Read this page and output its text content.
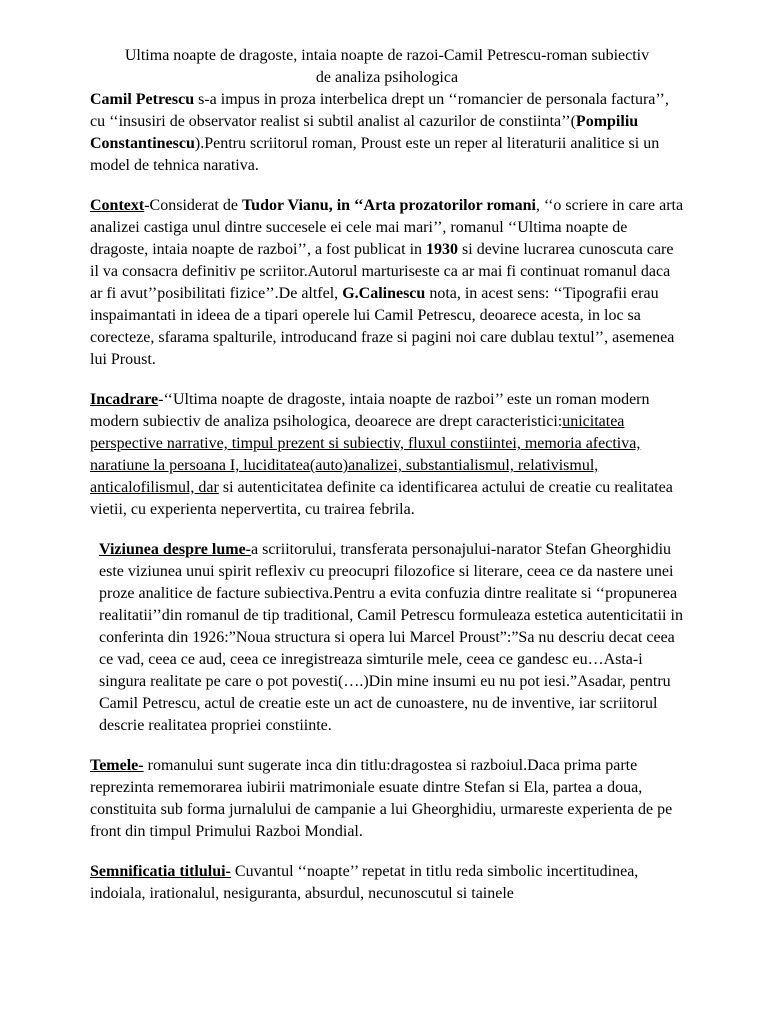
Ultima noapte de dragoste, intaia noapte de razoi-Camil Petrescu-roman subiectiv
de analiza psihologica

Camil Petrescu s-a impus in proza interbelica drept un ‘‘romancier de personala factura’’, cu ‘‘insusiri de observator realist si subtil analist al cazurilor de constiinta’’(Pompiliu Constantinescu).Pentru scriitorul roman, Proust este un reper al literaturii analitice si un model de tehnica narativa.

Context-Considerat de Tudor Vianu, in ‘‘Arta prozatorilor romani, ‘‘o scriere in care arta analizei castiga unul dintre succesele ei cele mai mari’’, romanul ‘‘Ultima noapte de dragoste, intaia noapte de razboi’’, a fost publicat in 1930 si devine lucrarea cunoscuta care il va consacra definitiv pe scriitor.Autorul marturiseste ca ar mai fi continuat romanul daca ar fi avut’’posibilitati fizice’’.De altfel, G.Calinescu nota, in acest sens: ‘‘Tipografii erau inspaimantati in ideea de a tipari operele lui Camil Petrescu, deoarece acesta, in loc sa corecteze, sfarama spalturile, introducand fraze si pagini noi care dublau textul’’, asemenea lui Proust.

Incadrare-‘‘Ultima noapte de dragoste, intaia noapte de razboi’’ este un roman modern modern subiectiv de analiza psihologica, deoarece are drept caracteristici:unicitatea perspective narrative, timpul prezent si subiectiv, fluxul constiintei, memoria afectiva, naratiune la persoana I, luciditatea(auto)analizei, substantialismul, relativismul, anticalofilismul, dar si autenticitatea definite ca identificarea actului de creatie cu realitatea vietii, cu experienta nepervertita, cu trairea febrila.

Viziunea despre lume-a scriitorului, transferata personajului-narator Stefan Gheorghidiu este viziunea unui spirit reflexiv cu preocupri filozofice si literare, ceea ce da nastere unei proze analitice de facture subiectiva.Pentru a evita confuzia dintre realitate si ‘‘propunerea realitatii’’din romanul de tip traditional, Camil Petrescu formuleaza estetica autenticitatii in conferinta din 1926:”Noua structura si opera lui Marcel Proust”:”Sa nu descriu decat ceea ce vad, ceea ce aud, ceea ce inregistreaza simturile mele, ceea ce gandesc eu…Asta-i singura realitate pe care o pot povesti(….)Din mine insumi eu nu pot iesi.”Asadar, pentru Camil Petrescu, actul de creatie este un act de cunoastere, nu de inventive, iar scriitorul descrie realitatea propriei constiinte.

Temele- romanului sunt sugerate inca din titlu:dragostea si razboiul.Daca prima parte reprezinta rememorarea iubirii matrimoniale esuate dintre Stefan si Ela, partea a doua, constituita sub forma jurnalului de campanie a lui Gheorghidiu, urmareste experienta de pe front din timpul Primului Razboi Mondial.

Semnificatia titlului- Cuvantul ‘‘noapte’’ repetat in titlu reda simbolic incertitudinea, indoiala, irationalul, nesiguranta, absurdul, necunoscutul si tainele
